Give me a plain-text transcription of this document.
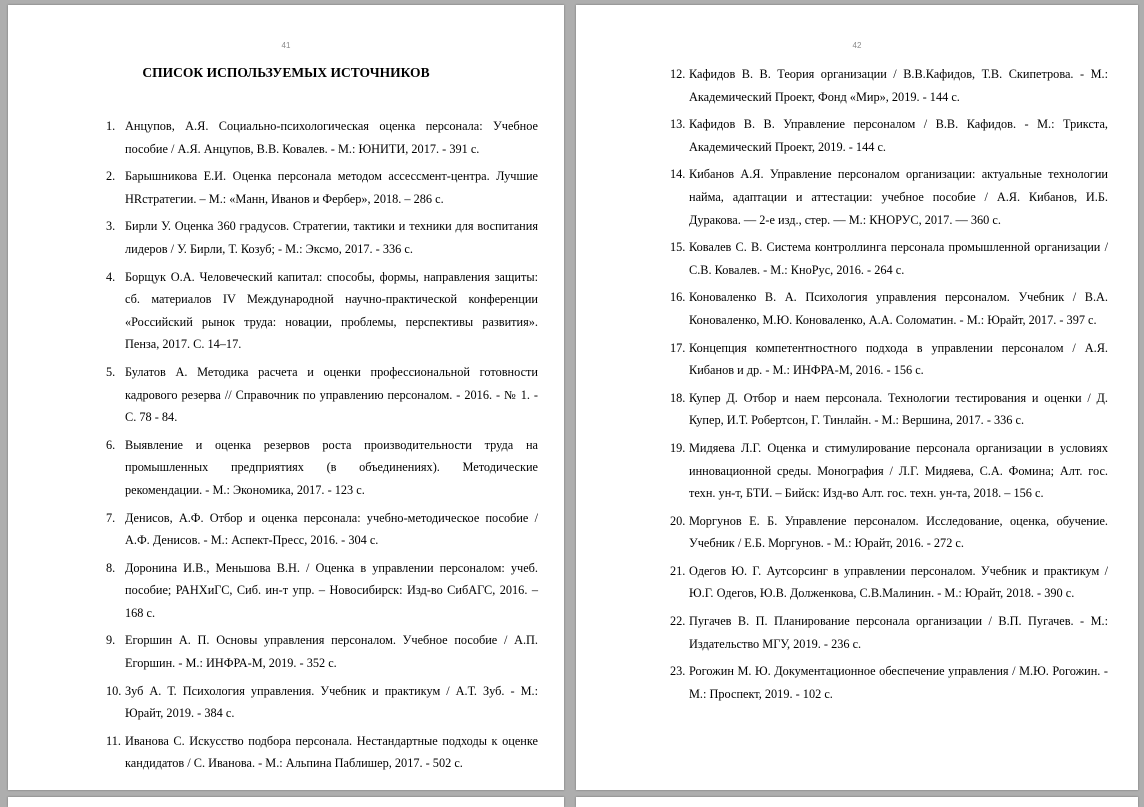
41
СПИСОК ИСПОЛЬЗУЕМЫХ ИСТОЧНИКОВ
1. Анцупов, А.Я. Социально-психологическая оценка персонала: Учебное пособие / А.Я. Анцупов, В.В. Ковалев. - М.: ЮНИТИ, 2017. - 391 с.
2. Барышникова Е.И. Оценка персонала методом ассессмент-центра. Лучшие HRстратегии. – М.: «Манн, Иванов и Фербер», 2018. – 286 с.
3. Бирли У. Оценка 360 градусов. Стратегии, тактики и техники для воспитания лидеров / У. Бирли, Т. Козуб; - М.: Эксмо, 2017. - 336 с.
4. Борщук О.А. Человеческий капитал: способы, формы, направления защиты: сб. материалов IV Международной научно-практической конференции «Российский рынок труда: новации, проблемы, перспективы развития». Пенза, 2017. С. 14–17.
5. Булатов А. Методика расчета и оценки профессиональной готовности кадрового резерва // Справочник по управлению персоналом. - 2016. - № 1. - С. 78 - 84.
6. Выявление и оценка резервов роста производительности труда на промышленных предприятиях (в объединениях). Методические рекомендации. - М.: Экономика, 2017. - 123 с.
7. Денисов, А.Ф. Отбор и оценка персонала: учебно-методическое пособие / А.Ф. Денисов. - М.: Аспект-Пресс, 2016. - 304 с.
8. Доронина И.В., Меньшова В.Н. / Оценка в управлении персоналом: учеб. пособие; РАНХиГС, Сиб. ин-т упр. – Новосибирск: Изд-во СибАГС, 2016. – 168 с.
9. Егоршин А. П. Основы управления персоналом. Учебное пособие / А.П. Егоршин. - М.: ИНФРА-М, 2019. - 352 с.
10. Зуб А. Т. Психология управления. Учебник и практикум / А.Т. Зуб. - М.: Юрайт, 2019. - 384 с.
11. Иванова С. Искусство подбора персонала. Нестандартные подходы к оценке кандидатов / С. Иванова. - М.: Альпина Паблишер, 2017. - 502 с.
42
12. Кафидов В. В. Теория организации / В.В.Кафидов, Т.В. Скипетрова. - М.: Академический Проект, Фонд «Мир», 2019. - 144 с.
13. Кафидов В. В. Управление персоналом / В.В. Кафидов. - М.: Трикста, Академический Проект, 2019. - 144 с.
14. Кибанов А.Я. Управление персоналом организации: актуальные технологии найма, адаптации и аттестации: учебное пособие / А.Я. Кибанов, И.Б. Дуракова. — 2-е изд., стер. — М.: КНОРУС, 2017. — 360 с.
15. Ковалев С. В. Система контроллинга персонала промышленной организации / С.В. Ковалев. - М.: КноРус, 2016. - 264 с.
16. Коноваленко В. А. Психология управления персоналом. Учебник / В.А. Коноваленко, М.Ю. Коноваленко, А.А. Соломатин. - М.: Юрайт, 2017. - 397 с.
17. Концепция компетентностного подхода в управлении персоналом / А.Я. Кибанов и др. - М.: ИНФРА-М, 2016. - 156 с.
18. Купер Д. Отбор и наем персонала. Технологии тестирования и оценки / Д. Купер, И.Т. Робертсон, Г. Тинлайн. - М.: Вершина, 2017. - 336 с.
19. Мидяева Л.Г. Оценка и стимулирование персонала организации в условиях инновационной среды. Монография / Л.Г. Мидяева, С.А. Фомина; Алт. гос. техн. ун-т, БТИ. – Бийск: Изд-во Алт. гос. техн. ун-та, 2018. – 156 с.
20. Моргунов Е. Б. Управление персоналом. Исследование, оценка, обучение. Учебник / Е.Б. Моргунов. - М.: Юрайт, 2016. - 272 с.
21. Одегов Ю. Г. Аутсорсинг в управлении персоналом. Учебник и практикум / Ю.Г. Одегов, Ю.В. Долженкова, С.В.Малинин. - М.: Юрайт, 2018. - 390 с.
22. Пугачев В. П. Планирование персонала организации / В.П. Пугачев. - М.: Издательство МГУ, 2019. - 236 с.
23. Рогожин М. Ю. Документационное обеспечение управления / М.Ю. Рогожин. - М.: Проспект, 2019. - 102 с.
